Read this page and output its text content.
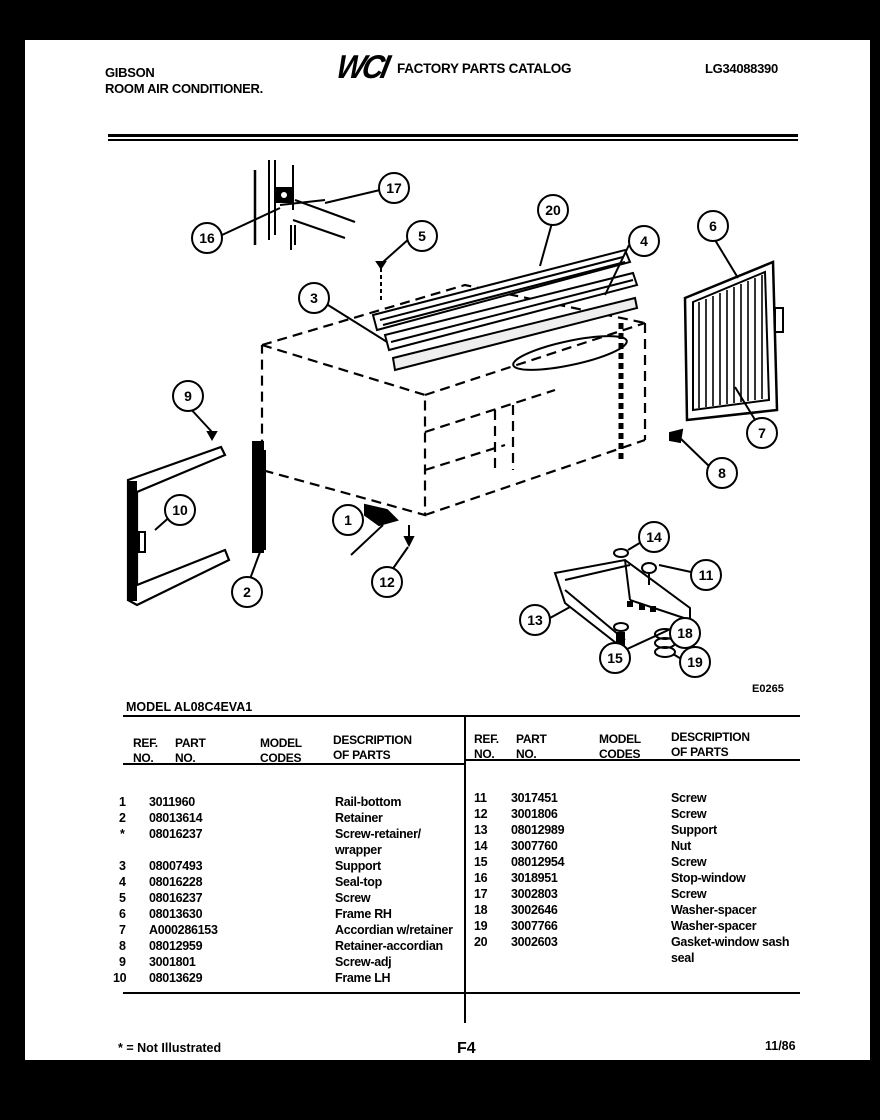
GIBSON
ROOM AIR CONDITIONER.
WCI FACTORY PARTS CATALOG	LG34088390
1
2
3
4
5
6
7
8
9
10
11
12
13
14
15
16
17
18
19
20
E0265
MODEL AL08C4EVA1
REF.
NO.
PART
NO.
MODEL
CODES
DESCRIPTION
OF PARTS
REF.
NO.
PART
NO.
MODEL
CODES
DESCRIPTION
OF PARTS
1 3011960	Rail-bottom
2 08013614	Retainer
* 08016237	Screw-retainer/
wrapper
3 08007493	Support
4 08016228	Seal-top
5 08016237	Screw
6 08013630	Frame RH
7 A000286153	Accordian w/retainer
8 08012959	Retainer-accordian
9 3001801	Screw-adj
10 08013629	Frame LH
11 3017451	Screw
12 3001806	Screw
13 08012989	Support
14 3007760	Nut
15 08012954	Screw
16 3018951	Stop-window
17 3002803	Screw
18 3002646	Washer-spacer
19 3007766	Washer-spacer
20 3002603	Gasket-window sash
seal
* = Not Illustrated	F4	11/86
